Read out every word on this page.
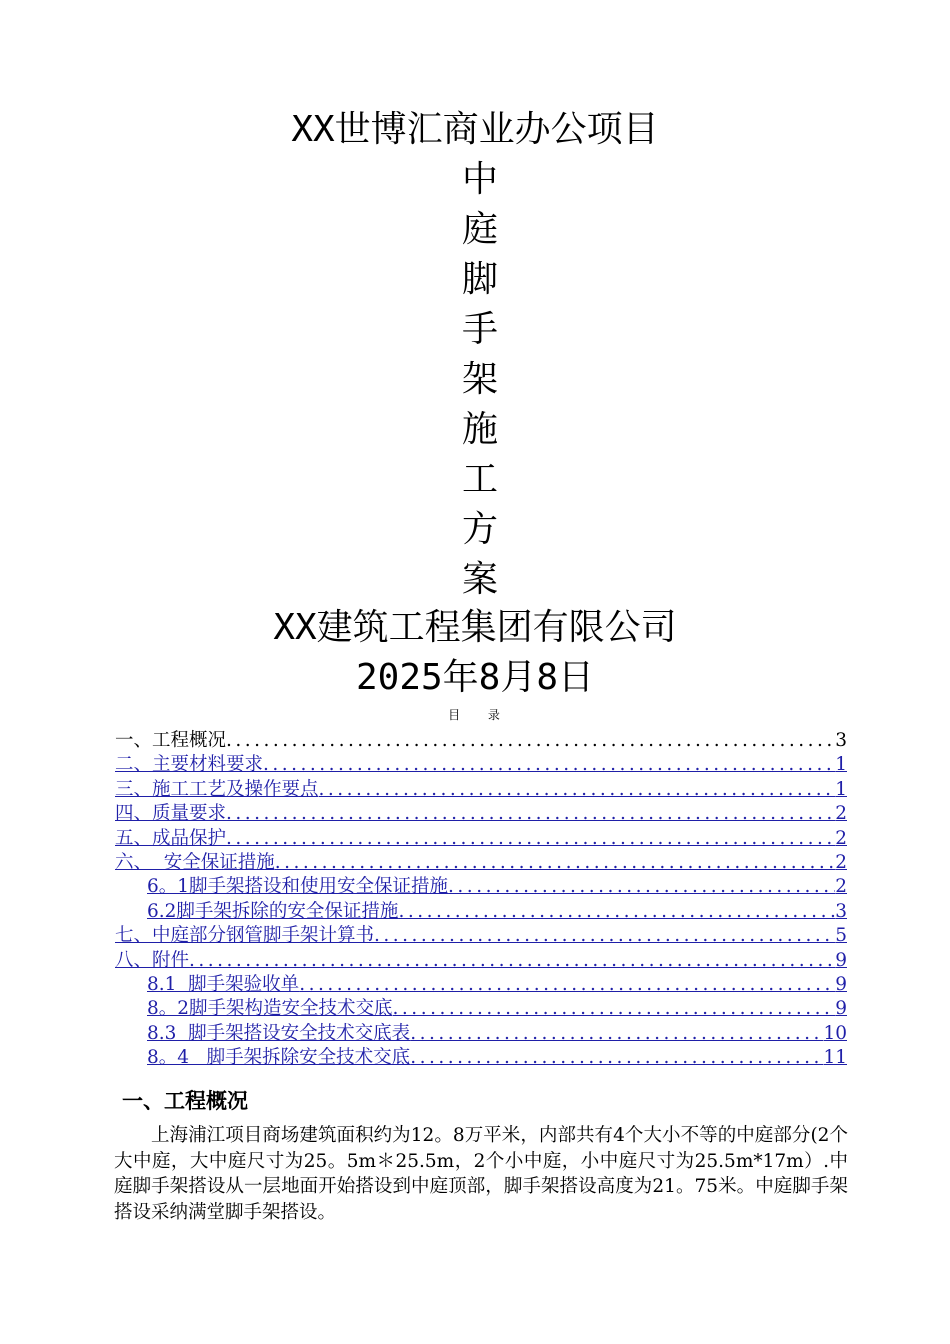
XX世博汇商业办公项目
中
庭
脚
手
架
施
工
方
案
XX建筑工程集团有限公司
2025年8月8日
目 录
一、工程概况 .....	3
二、主要材料要求 .....	1
三、施工工艺及操作要点 .....	1
四、质量要求 .....	2
五、成品保护 .....	2
六、  安全保证措施 .....	2
6。1脚手架搭设和使用安全保证措施 .....	2
6.2脚手架拆除的安全保证措施 .....	3
七、中庭部分钢管脚手架计算书 .....	5
八、附件 .....	9
8.1  脚手架验收单 .....	9
8。2脚手架构造安全技术交底 .....	9
8.3  脚手架搭设安全技术交底表 .....	10
8。4   脚手架拆除安全技术交底 .....	11
一、工程概况

上海浦江项目商场建筑面积约为12。8万平米，内部共有4个大小不等的中庭部分(2个大中庭，大中庭尺寸为25。5m＊25.5m，2个小中庭，小中庭尺寸为25.5m*17m）.中庭脚手架搭设从一层地面开始搭设到中庭顶部，脚手架搭设高度为21。75米。中庭脚手架搭设采纳满堂脚手架搭设。
